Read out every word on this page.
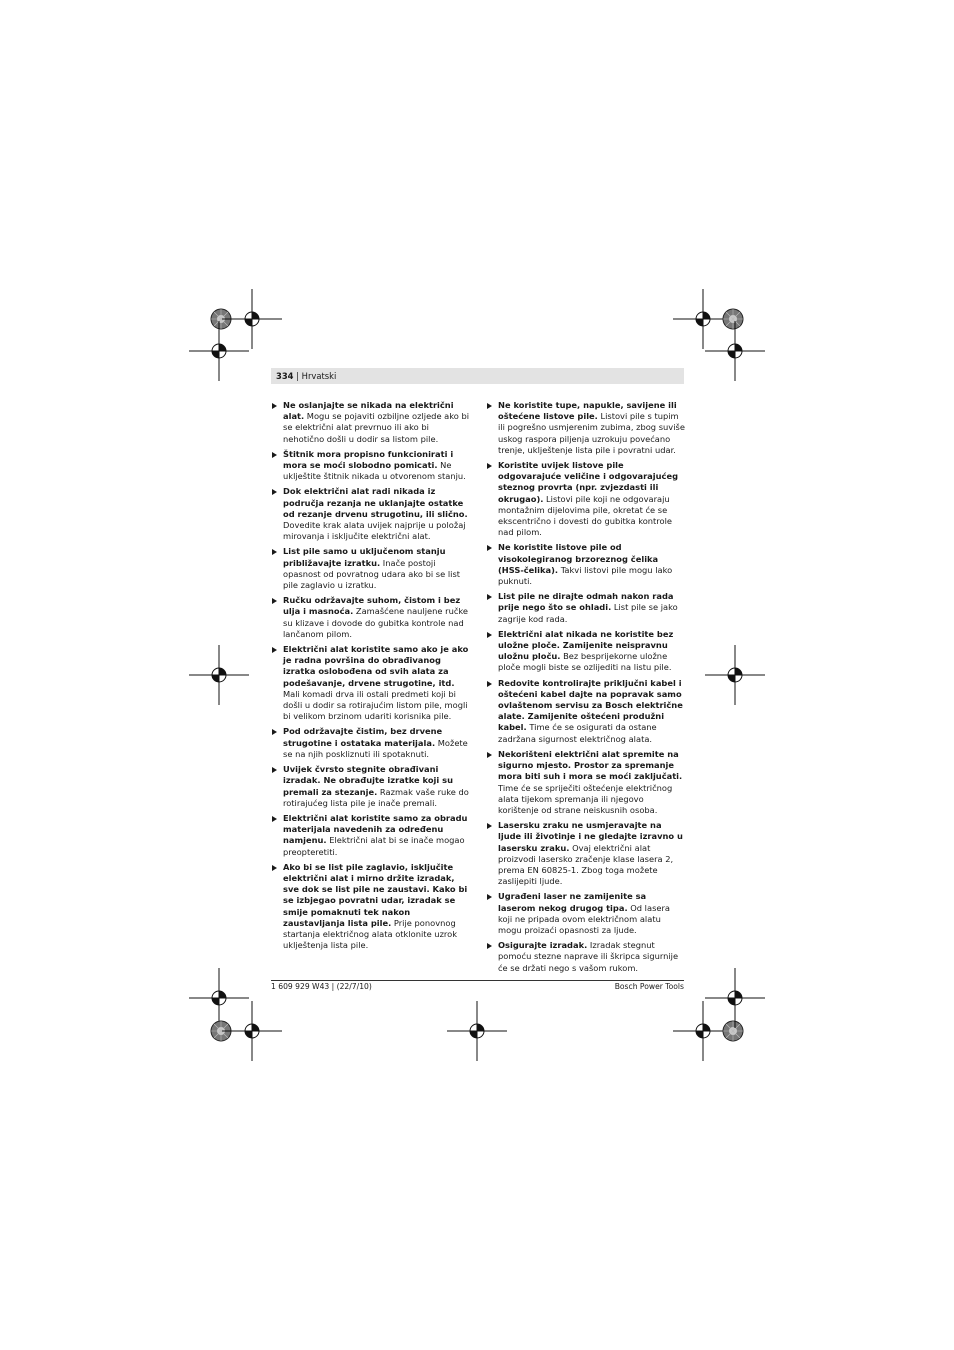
334 | Hrvatski
Ne oslanjajte se nikada na električni alat. Mogu se pojaviti ozbiljne ozljede ako bi se električni alat prevrnuo ili ako bi nehotično došli u dodir sa listom pile.
Štitnik mora propisno funkcionirati i mora se moći slobodno pomicati. Ne uklještite štitnik nikada u otvorenom stanju.
Dok električni alat radi nikada iz područja rezanja ne uklanjajte ostatke od rezanje drvenu strugotinu, ili slično. Dovedite krak alata uvijek najprije u položaj mirovanja i isključite električni alat.
List pile samo u uključenom stanju približavajte izratku. Inače postoji opasnost od povratnog udara ako bi se list pile zaglavio u izratku.
Ručku održavajte suhom, čistom i bez ulja i masnoća. Zamašćene nauljene ručke su klizave i dovode do gubitka kontrole nad lančanom pilom.
Električni alat koristite samo ako je ako je radna površina do obrađivanog izratka oslobođena od svih alata za podešavanje, drvene strugotine, itd. Mali komadi drva ili ostali predmeti koji bi došli u dodir sa rotirajućim listom pile, mogli bi velikom brzinom udariti korisnika pile.
Pod održavajte čistim, bez drvene strugotine i ostataka materijala. Možete se na njih poskliznuti ili spotaknuti.
Uvijek čvrsto stegnite obrađivani izradak. Ne obrađujte izratke koji su premali za stezanje. Razmak vaše ruke do rotirajućeg lista pile je inače premali.
Električni alat koristite samo za obradu materijala navedenih za određenu namjenu. Električni alat bi se inače mogao preopteretiti.
Ako bi se list pile zaglavio, isključite električni alat i mirno držite izradak, sve dok se list pile ne zaustavi. Kako bi se izbjegao povratni udar, izradak se smije pomaknuti tek nakon zaustavljanja lista pile. Prije ponovnog startanja električnog alata otklonite uzrok uklještenja lista pile.
Ne koristite tupe, napukle, savijene ili oštećene listove pile. Listovi pile s tupim ili pogrešno usmjerenim zubima, zbog suviše uskog raspora piljenja uzrokuju povećano trenje, uklještenje lista pile i povratni udar.
Koristite uvijek listove pile odgovarajuće veličine i odgovarajućeg steznog provrta (npr. zvjezdasti ili okrugao). Listovi pile koji ne odgovaraju montažnim dijelovima pile, okretat će se ekscentrično i dovesti do gubitka kontrole nad pilom.
Ne koristite listove pile od visokolegiranog brzoreznog čelika (HSS-čelika). Takvi listovi pile mogu lako puknuti.
List pile ne dirajte odmah nakon rada prije nego što se ohladi. List pile se jako zagrije kod rada.
Električni alat nikada ne koristite bez uložne ploče. Zamijenite neispravnu uložnu ploču. Bez besprijekorne uložne ploče mogli biste se ozlijediti na listu pile.
Redovite kontrolirajte priključni kabel i oštećeni kabel dajte na popravak samo ovlaštenom servisu za Bosch električne alate. Zamijenite oštećeni produžni kabel. Time će se osigurati da ostane zadržana sigurnost električnog alata.
Nekorišteni električni alat spremite na sigurno mjesto. Prostor za spremanje mora biti suh i mora se moći zaključati. Time će se spriječiti oštećenje električnog alata tijekom spremanja ili njegovo korištenje od strane neiskusnih osoba.
Lasersku zraku ne usmjeravajte na ljude ili životinje i ne gledajte izravno u lasersku zraku. Ovaj električni alat proizvodi lasersko zračenje klase lasera 2, prema EN 60825-1. Zbog toga možete zaslijepiti ljude.
Ugrađeni laser ne zamijenite sa laserom nekog drugog tipa. Od lasera koji ne pripada ovom električnom alatu mogu proizaći opasnosti za ljude.
Osigurajte izradak. Izradak stegnut pomoću stezne naprave ili škripca sigurnije će se držati nego s vašom rukom.
1 609 929 W43 | (22/7/10)	Bosch Power Tools
